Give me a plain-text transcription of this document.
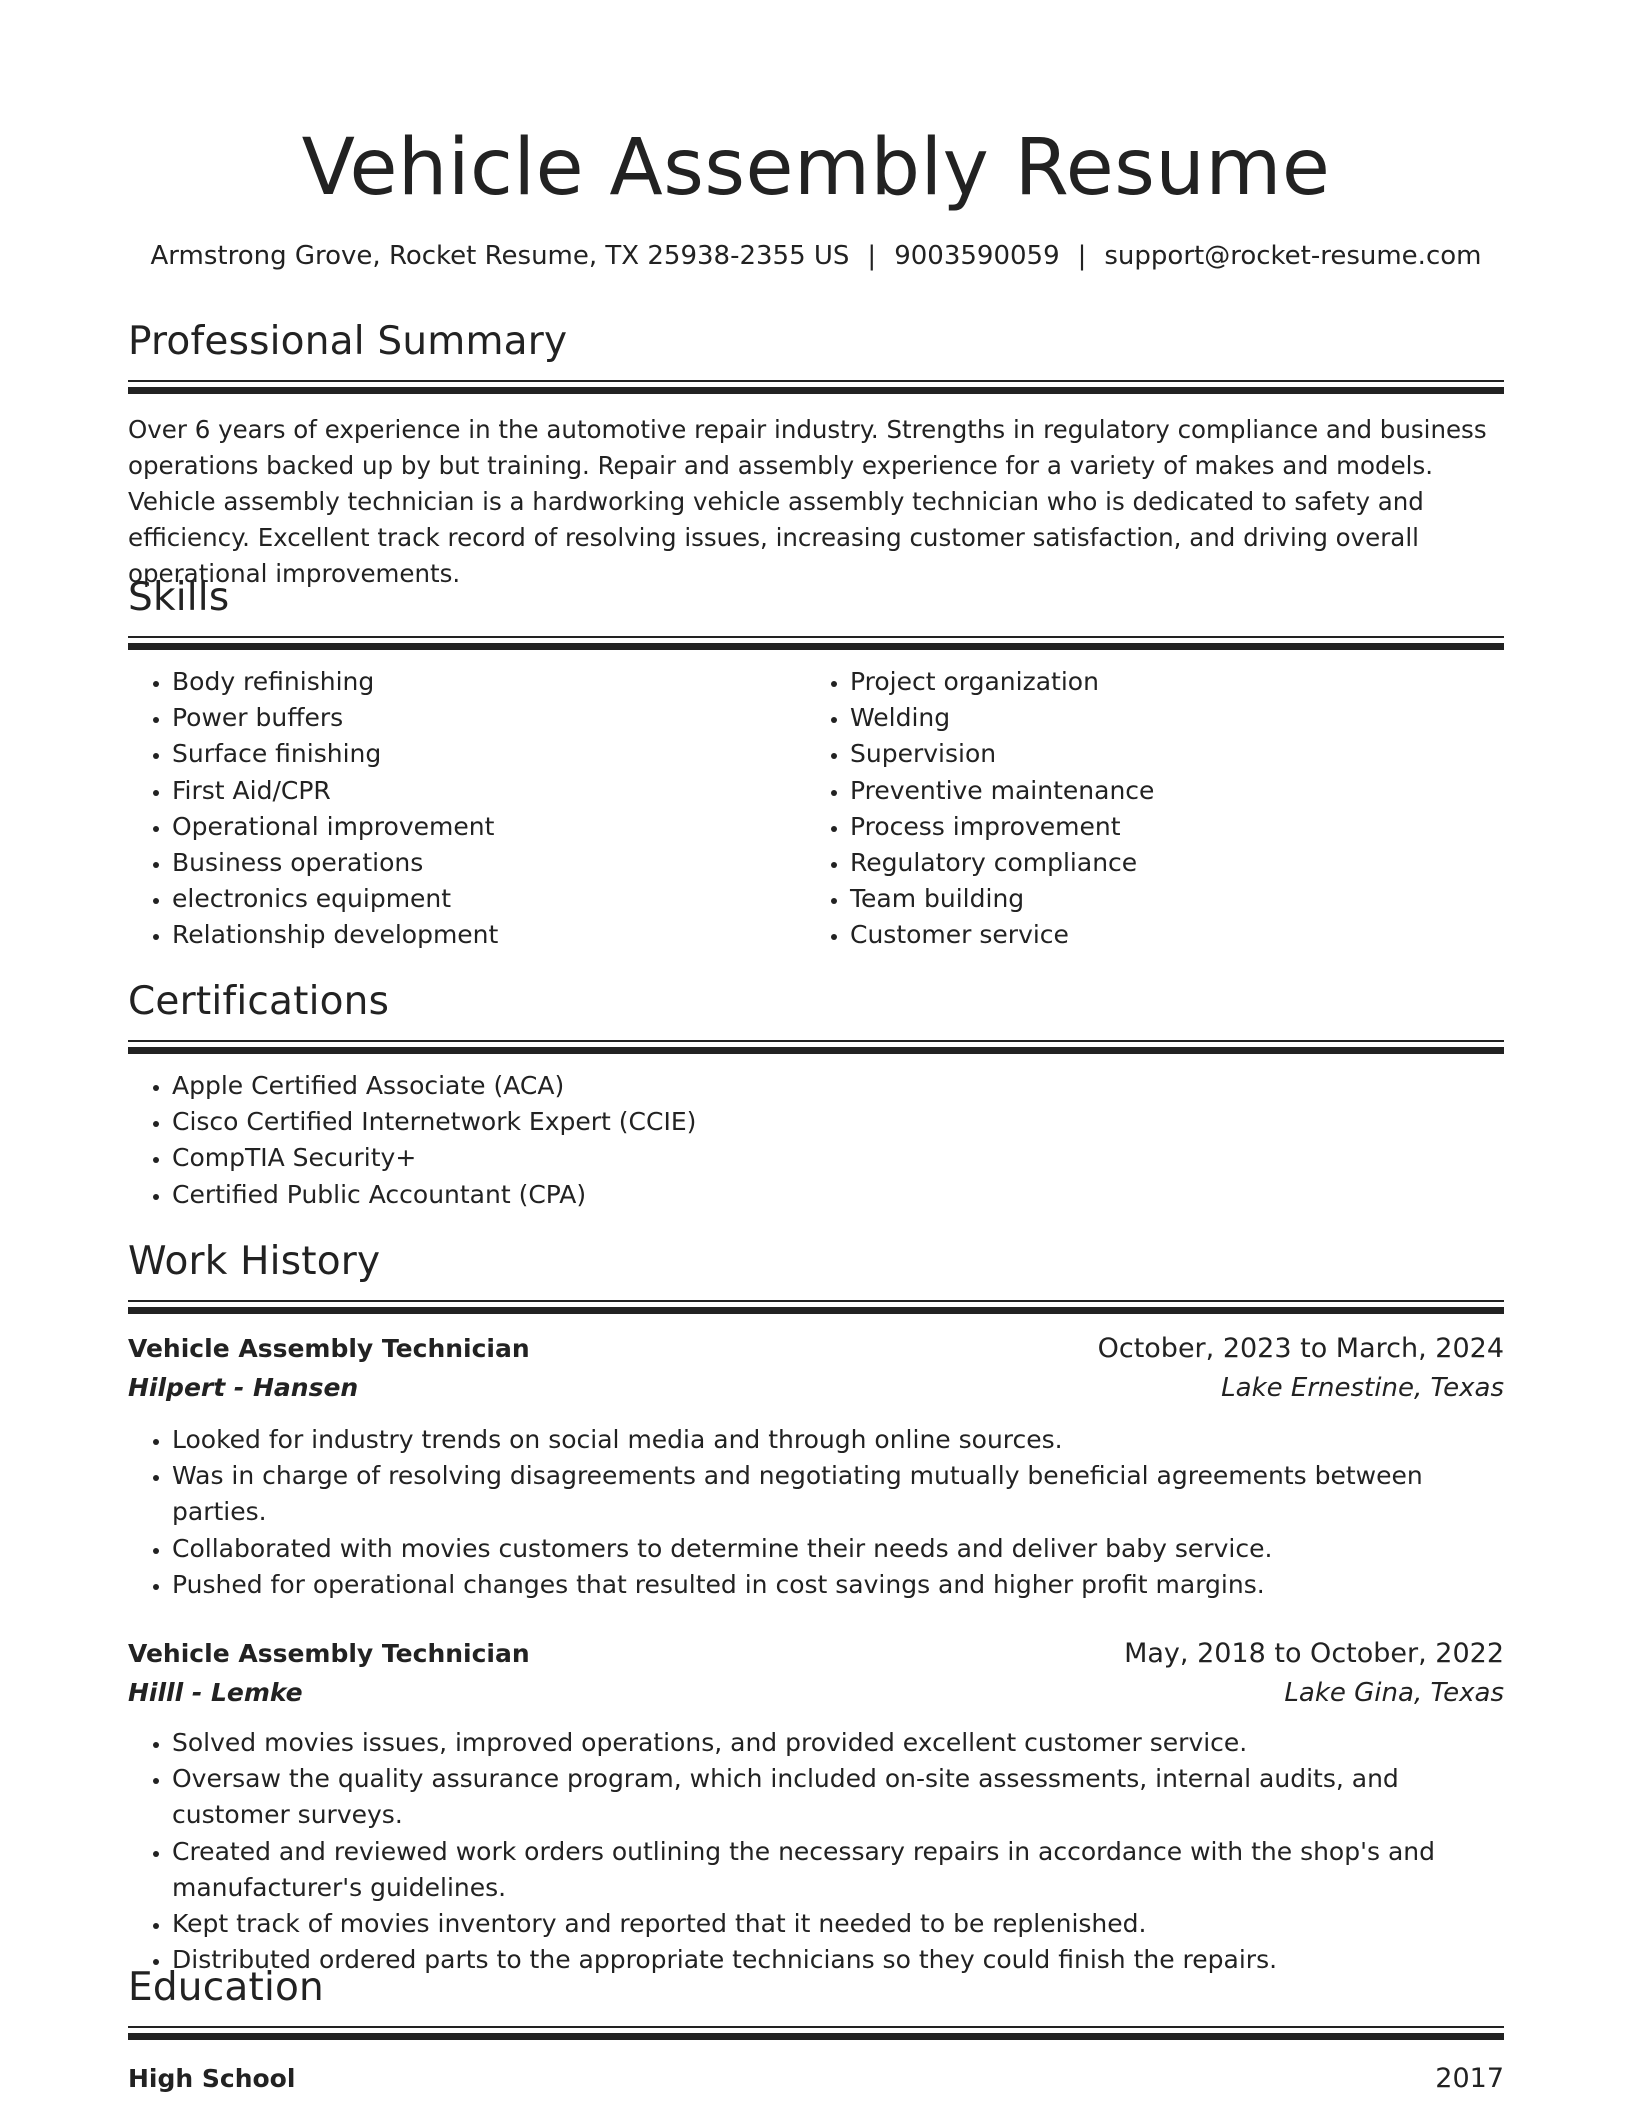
Vehicle Assembly Resume
Armstrong Grove, Rocket Resume, TX 25938-2355 US | 9003590059 | support@rocket-resume.com
Professional Summary
Over 6 years of experience in the automotive repair industry. Strengths in regulatory compliance and business operations backed up by but training. Repair and assembly experience for a variety of makes and models. Vehicle assembly technician is a hardworking vehicle assembly technician who is dedicated to safety and efficiency. Excellent track record of resolving issues, increasing customer satisfaction, and driving overall operational improvements.
Skills
• Body refinishing
• Power buffers
• Surface finishing
• First Aid/CPR
• Operational improvement
• Business operations
• electronics equipment
• Relationship development
• Project organization
• Welding
• Supervision
• Preventive maintenance
• Process improvement
• Regulatory compliance
• Team building
• Customer service
Certifications
• Apple Certified Associate (ACA)
• Cisco Certified Internetwork Expert (CCIE)
• CompTIA Security+
• Certified Public Accountant (CPA)
Work History
Vehicle Assembly Technician	October, 2023 to March, 2024
Hilpert - Hansen	Lake Ernestine, Texas
• Looked for industry trends on social media and through online sources.
• Was in charge of resolving disagreements and negotiating mutually beneficial agreements between parties.
• Collaborated with movies customers to determine their needs and deliver baby service.
• Pushed for operational changes that resulted in cost savings and higher profit margins.
Vehicle Assembly Technician	May, 2018 to October, 2022
Hilll - Lemke	Lake Gina, Texas
• Solved movies issues, improved operations, and provided excellent customer service.
• Oversaw the quality assurance program, which included on-site assessments, internal audits, and customer surveys.
• Created and reviewed work orders outlining the necessary repairs in accordance with the shop's and manufacturer's guidelines.
• Kept track of movies inventory and reported that it needed to be replenished.
• Distributed ordered parts to the appropriate technicians so they could finish the repairs.
Education
High School	2017
